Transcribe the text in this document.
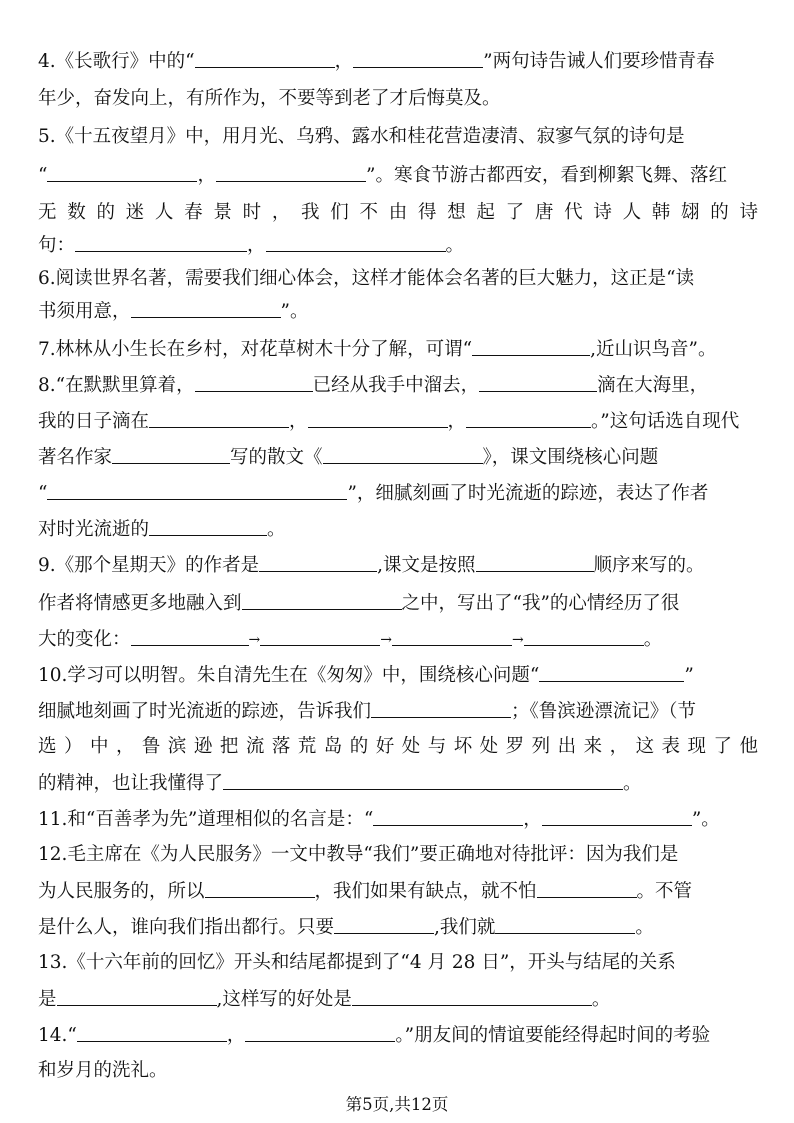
4.《长歌行》中的“	，	”两句诗告诫人们要珍惜青春
年少，奋发向上，有所作为，不要等到老了才后悔莫及。
5.《十五夜望月》中，用月光、乌鸦、露水和桂花营造凄清、寂寥气氛的诗句是
“	，	”。寒食节游古都西安，看到柳絮飞舞、落红
无数的迷人春景时，我们不由得想起了唐代诗人韩翃的诗
句：	，	。
6.阅读世界名著，需要我们细心体会，这样才能体会名著的巨大魅力，这正是“读
书须用意，	”。
7.林林从小生长在乡村，对花草树木十分了解，可谓“	,近山识鸟音”。
8.“在默默里算着，	已经从我手中溜去，	滴在大海里，
我的日子滴在	，	，	。”这句话选自现代
著名作家	写的散文《	》，课文围绕核心问题
“	”，细腻刻画了时光流逝的踪迹，表达了作者
对时光流逝的	。
9.《那个星期天》的作者是	,课文是按照	顺序来写的。
作者将情感更多地融入到	之中，写出了“我”的心情经历了很
大的变化：	→	→	→	。
10.学习可以明智。朱自清先生在《匆匆》中，围绕核心问题“	”
细腻地刻画了时光流逝的踪迹，告诉我们	；《鲁滨逊漂流记》（节
选）中，鲁滨逊把流落荒岛的好处与坏处罗列出来，这表现了他
的精神，也让我懂得了	。
11.和“百善孝为先”道理相似的名言是：“	，	”。
12.毛主席在《为人民服务》一文中教导“我们”要正确地对待批评：因为我们是
为人民服务的，所以	，我们如果有缺点，就不怕	。不管
是什么人，谁向我们指出都行。只要	,我们就	。
13.《十六年前的回忆》开头和结尾都提到了“4 月 28 日”，开头与结尾的关系
是	,这样写的好处是	。
14.“	，	。”朋友间的情谊要能经得起时间的考验
和岁月的洗礼。
第5页,共12页
